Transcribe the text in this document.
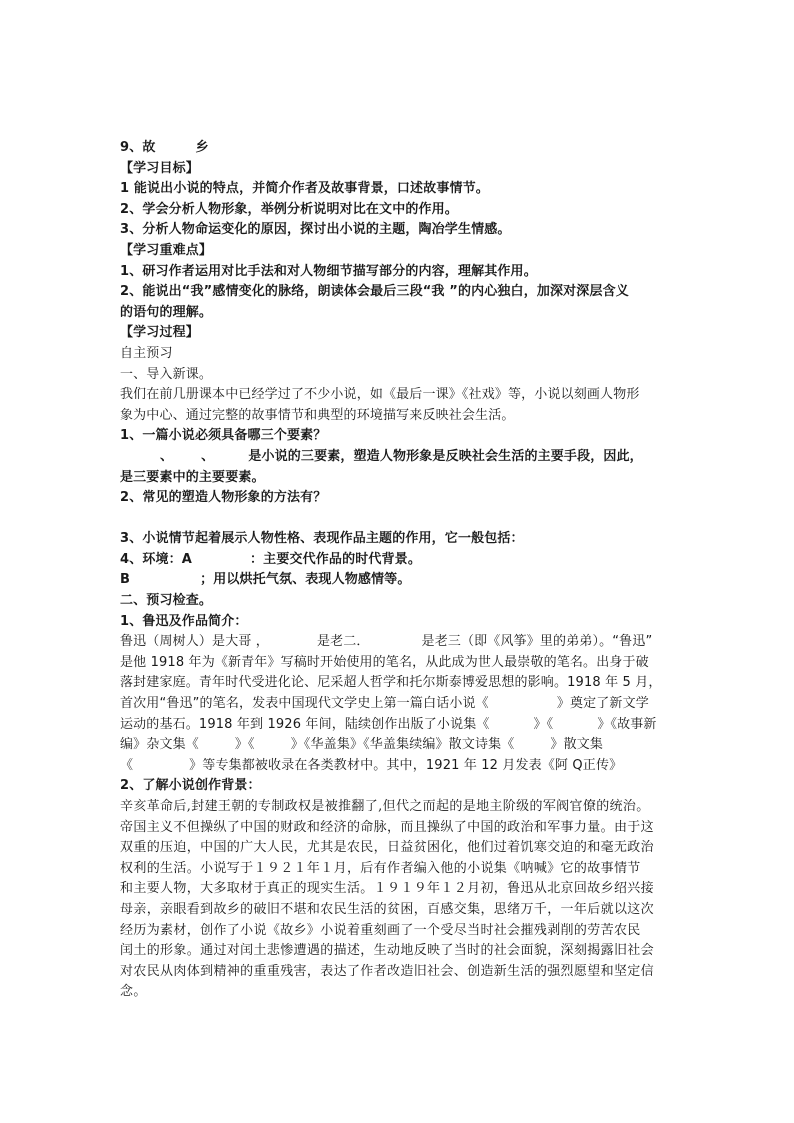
9、故	乡
【学习目标】
1 能说出小说的特点，并简介作者及故事背景，口述故事情节。
2、学会分析人物形象，举例分析说明对比在文中的作用。
3、分析人物命运变化的原因，探讨出小说的主题，陶冶学生情感。
【学习重难点】
1、研习作者运用对比手法和对人物细节描写部分的内容，理解其作用。
2、能说出“我”感情变化的脉络，朗读体会最后三段“我 ”的内心独白，加深对深层含义
的语句的理解。
【学习过程】
自主预习
一、导入新课。
我们在前几册课本中已经学过了不少小说，如《最后一课》《社戏》等，小说以刻画人物形
象为中心、通过完整的故事情节和典型的环境描写来反映社会生活。
1、一篇小说必须具备哪三个要素？
、 、	是小说的三要素，塑造人物形象是反映社会生活的主要手段，因此，
是三要素中的主要要素。
2、常见的塑造人物形象的方法有？
3、小说情节起着展示人物性格、表现作品主题的作用，它一般包括：
4、环境：A	：主要交代作品的时代背景。
B	；用以烘托气氛、表现人物感情等。
二、预习检查。
1、鲁迅及作品简介：
鲁迅（周树人）是大哥 ，	是老二．	是老三（即《风筝》里的弟弟）。“鲁迅”
是他 1918 年为《新青年》写稿时开始使用的笔名，从此成为世人最崇敬的笔名。出身于破
落封建家庭。青年时代受进化论、尼采超人哲学和托尔斯泰博爱思想的影响。1918 年 5 月，
首次用“鲁迅”的笔名，发表中国现代文学史上第一篇白话小说《	》奠定了新文学
运动的基石。1918 年到 1926 年间，陆续创作出版了小说集《	》《	》《故事新
编》杂文集《	》《	》《华盖集》《华盖集续编》散文诗集《	》散文集
《	》等专集都被收录在各类教材中。其中，1921 年 12 月发表《阿 Q正传》
2、了解小说创作背景：
辛亥革命后,封建王朝的专制政权是被推翻了,但代之而起的是地主阶级的军阀官僚的统治。
帝国主义不但操纵了中国的财政和经济的命脉，而且操纵了中国的政治和军事力量。由于这
双重的压迫，中国的广大人民，尤其是农民，日益贫困化，他们过着饥寒交迫的和毫无政治
权利的生活。小说写于１９２１年１月，后有作者编入他的小说集《呐喊》它的故事情节
和主要人物，大多取材于真正的现实生活。１９１９年１２月初，鲁迅从北京回故乡绍兴接
母亲，亲眼看到故乡的破旧不堪和农民生活的贫困，百感交集，思绪万千，一年后就以这次
经历为素材，创作了小说《故乡》小说着重刻画了一个受尽当时社会摧残剥削的劳苦农民
闰土的形象。通过对闰土悲惨遭遇的描述，生动地反映了当时的社会面貌，深刻揭露旧社会
对农民从肉体到精神的重重残害，表达了作者改造旧社会、创造新生活的强烈愿望和坚定信
念。
